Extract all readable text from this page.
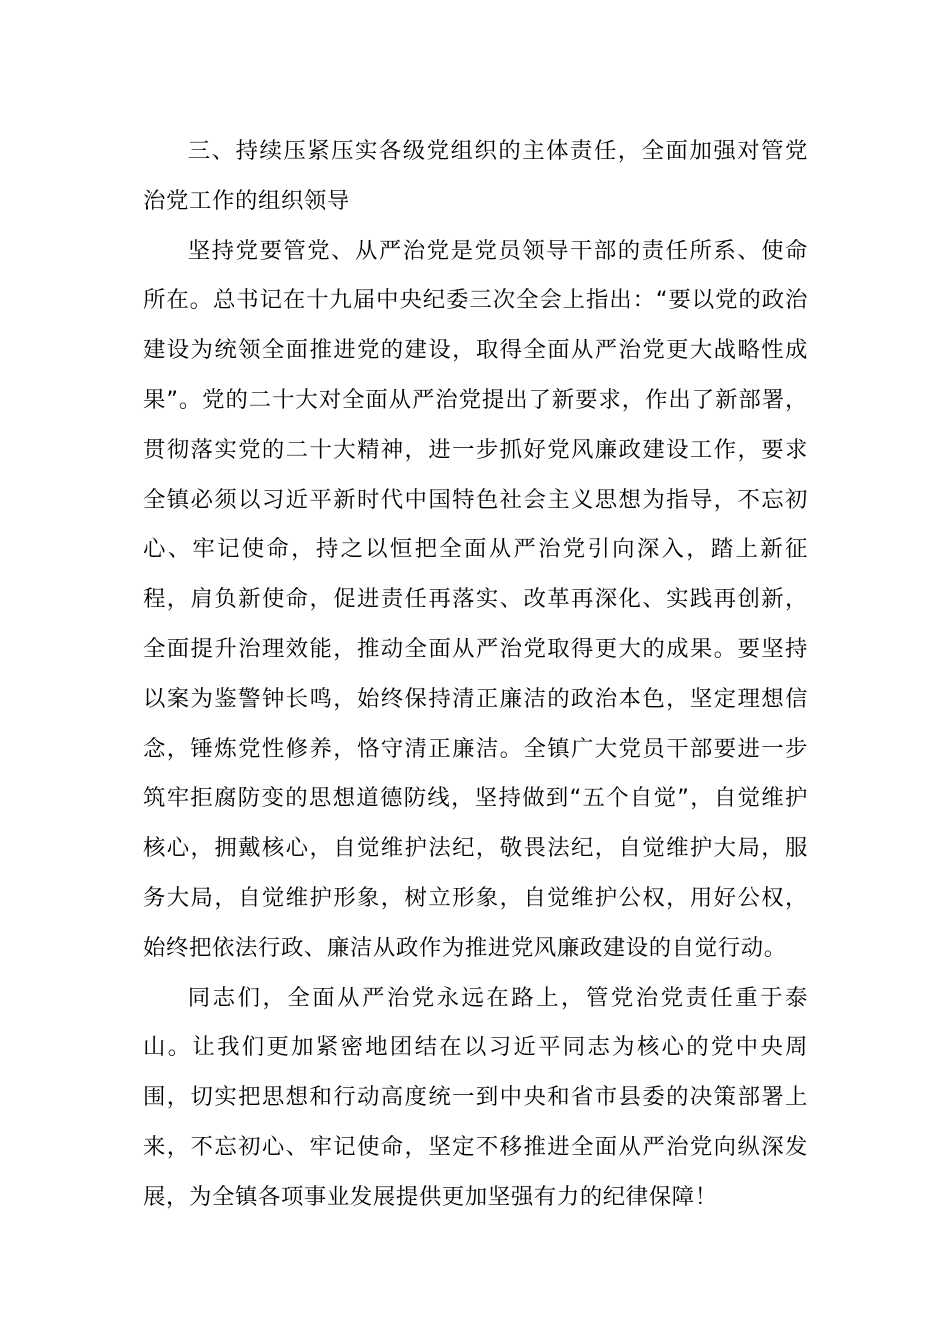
三、持续压紧压实各级党组织的主体责任，全面加强对管党治党工作的组织领导

坚持党要管党、从严治党是党员领导干部的责任所系、使命所在。总书记在十九届中央纪委三次全会上指出：“要以党的政治建设为统领全面推进党的建设，取得全面从严治党更大战略性成果”。党的二十大对全面从严治党提出了新要求，作出了新部署，贯彻落实党的二十大精神，进一步抓好党风廉政建设工作，要求全镇必须以习近平新时代中国特色社会主义思想为指导，不忘初心、牢记使命，持之以恒把全面从严治党引向深入，踏上新征程，肩负新使命，促进责任再落实、改革再深化、实践再创新，全面提升治理效能，推动全面从严治党取得更大的成果。要坚持以案为鉴警钟长鸣，始终保持清正廉洁的政治本色，坚定理想信念，锤炼党性修养，恪守清正廉洁。全镇广大党员干部要进一步筑牢拒腐防变的思想道德防线，坚持做到“五个自觉”，自觉维护核心，拥戴核心，自觉维护法纪，敬畏法纪，自觉维护大局，服务大局，自觉维护形象，树立形象，自觉维护公权，用好公权，始终把依法行政、廉洁从政作为推进党风廉政建设的自觉行动。

同志们，全面从严治党永远在路上，管党治党责任重于泰山。让我们更加紧密地团结在以习近平同志为核心的党中央周围，切实把思想和行动高度统一到中央和省市县委的决策部署上来，不忘初心、牢记使命，坚定不移推进全面从严治党向纵深发展，为全镇各项事业发展提供更加坚强有力的纪律保障！
